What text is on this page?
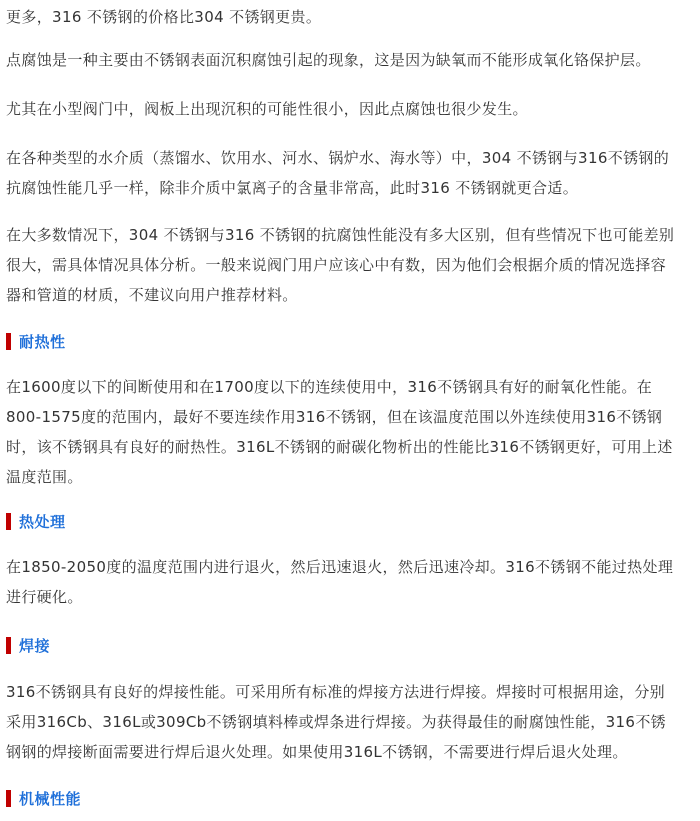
更多，316 不锈钢的价格比304 不锈钢更贵。

点腐蚀是一种主要由不锈钢表面沉积腐蚀引起的现象，这是因为缺氧而不能形成氧化铬保护层。

尤其在小型阀门中，阀板上出现沉积的可能性很小，因此点腐蚀也很少发生。

在各种类型的水介质（蒸馏水、饮用水、河水、锅炉水、海水等）中，304 不锈钢与316不锈钢的
抗腐蚀性能几乎一样，除非介质中氯离子的含量非常高，此时316 不锈钢就更合适。

在大多数情况下，304 不锈钢与316 不锈钢的抗腐蚀性能没有多大区别，但有些情况下也可能差别
很大，需具体情况具体分析。一般来说阀门用户应该心中有数，因为他们会根据介质的情况选择容
器和管道的材质，不建议向用户推荐材料。

耐热性

在1600度以下的间断使用和在1700度以下的连续使用中，316不锈钢具有好的耐氧化性能。在
800-1575度的范围内，最好不要连续作用316不锈钢，但在该温度范围以外连续使用316不锈钢
时，该不锈钢具有良好的耐热性。316L不锈钢的耐碳化物析出的性能比316不锈钢更好，可用上述
温度范围。

热处理

在1850-2050度的温度范围内进行退火，然后迅速退火，然后迅速冷却。316不锈钢不能过热处理
进行硬化。

焊接

316不锈钢具有良好的焊接性能。可采用所有标准的焊接方法进行焊接。焊接时可根据用途，分别
采用316Cb、316L或309Cb不锈钢填料棒或焊条进行焊接。为获得最佳的耐腐蚀性能，316不锈
钢钢的焊接断面需要进行焊后退火处理。如果使用316L不锈钢，不需要进行焊后退火处理。

机械性能
